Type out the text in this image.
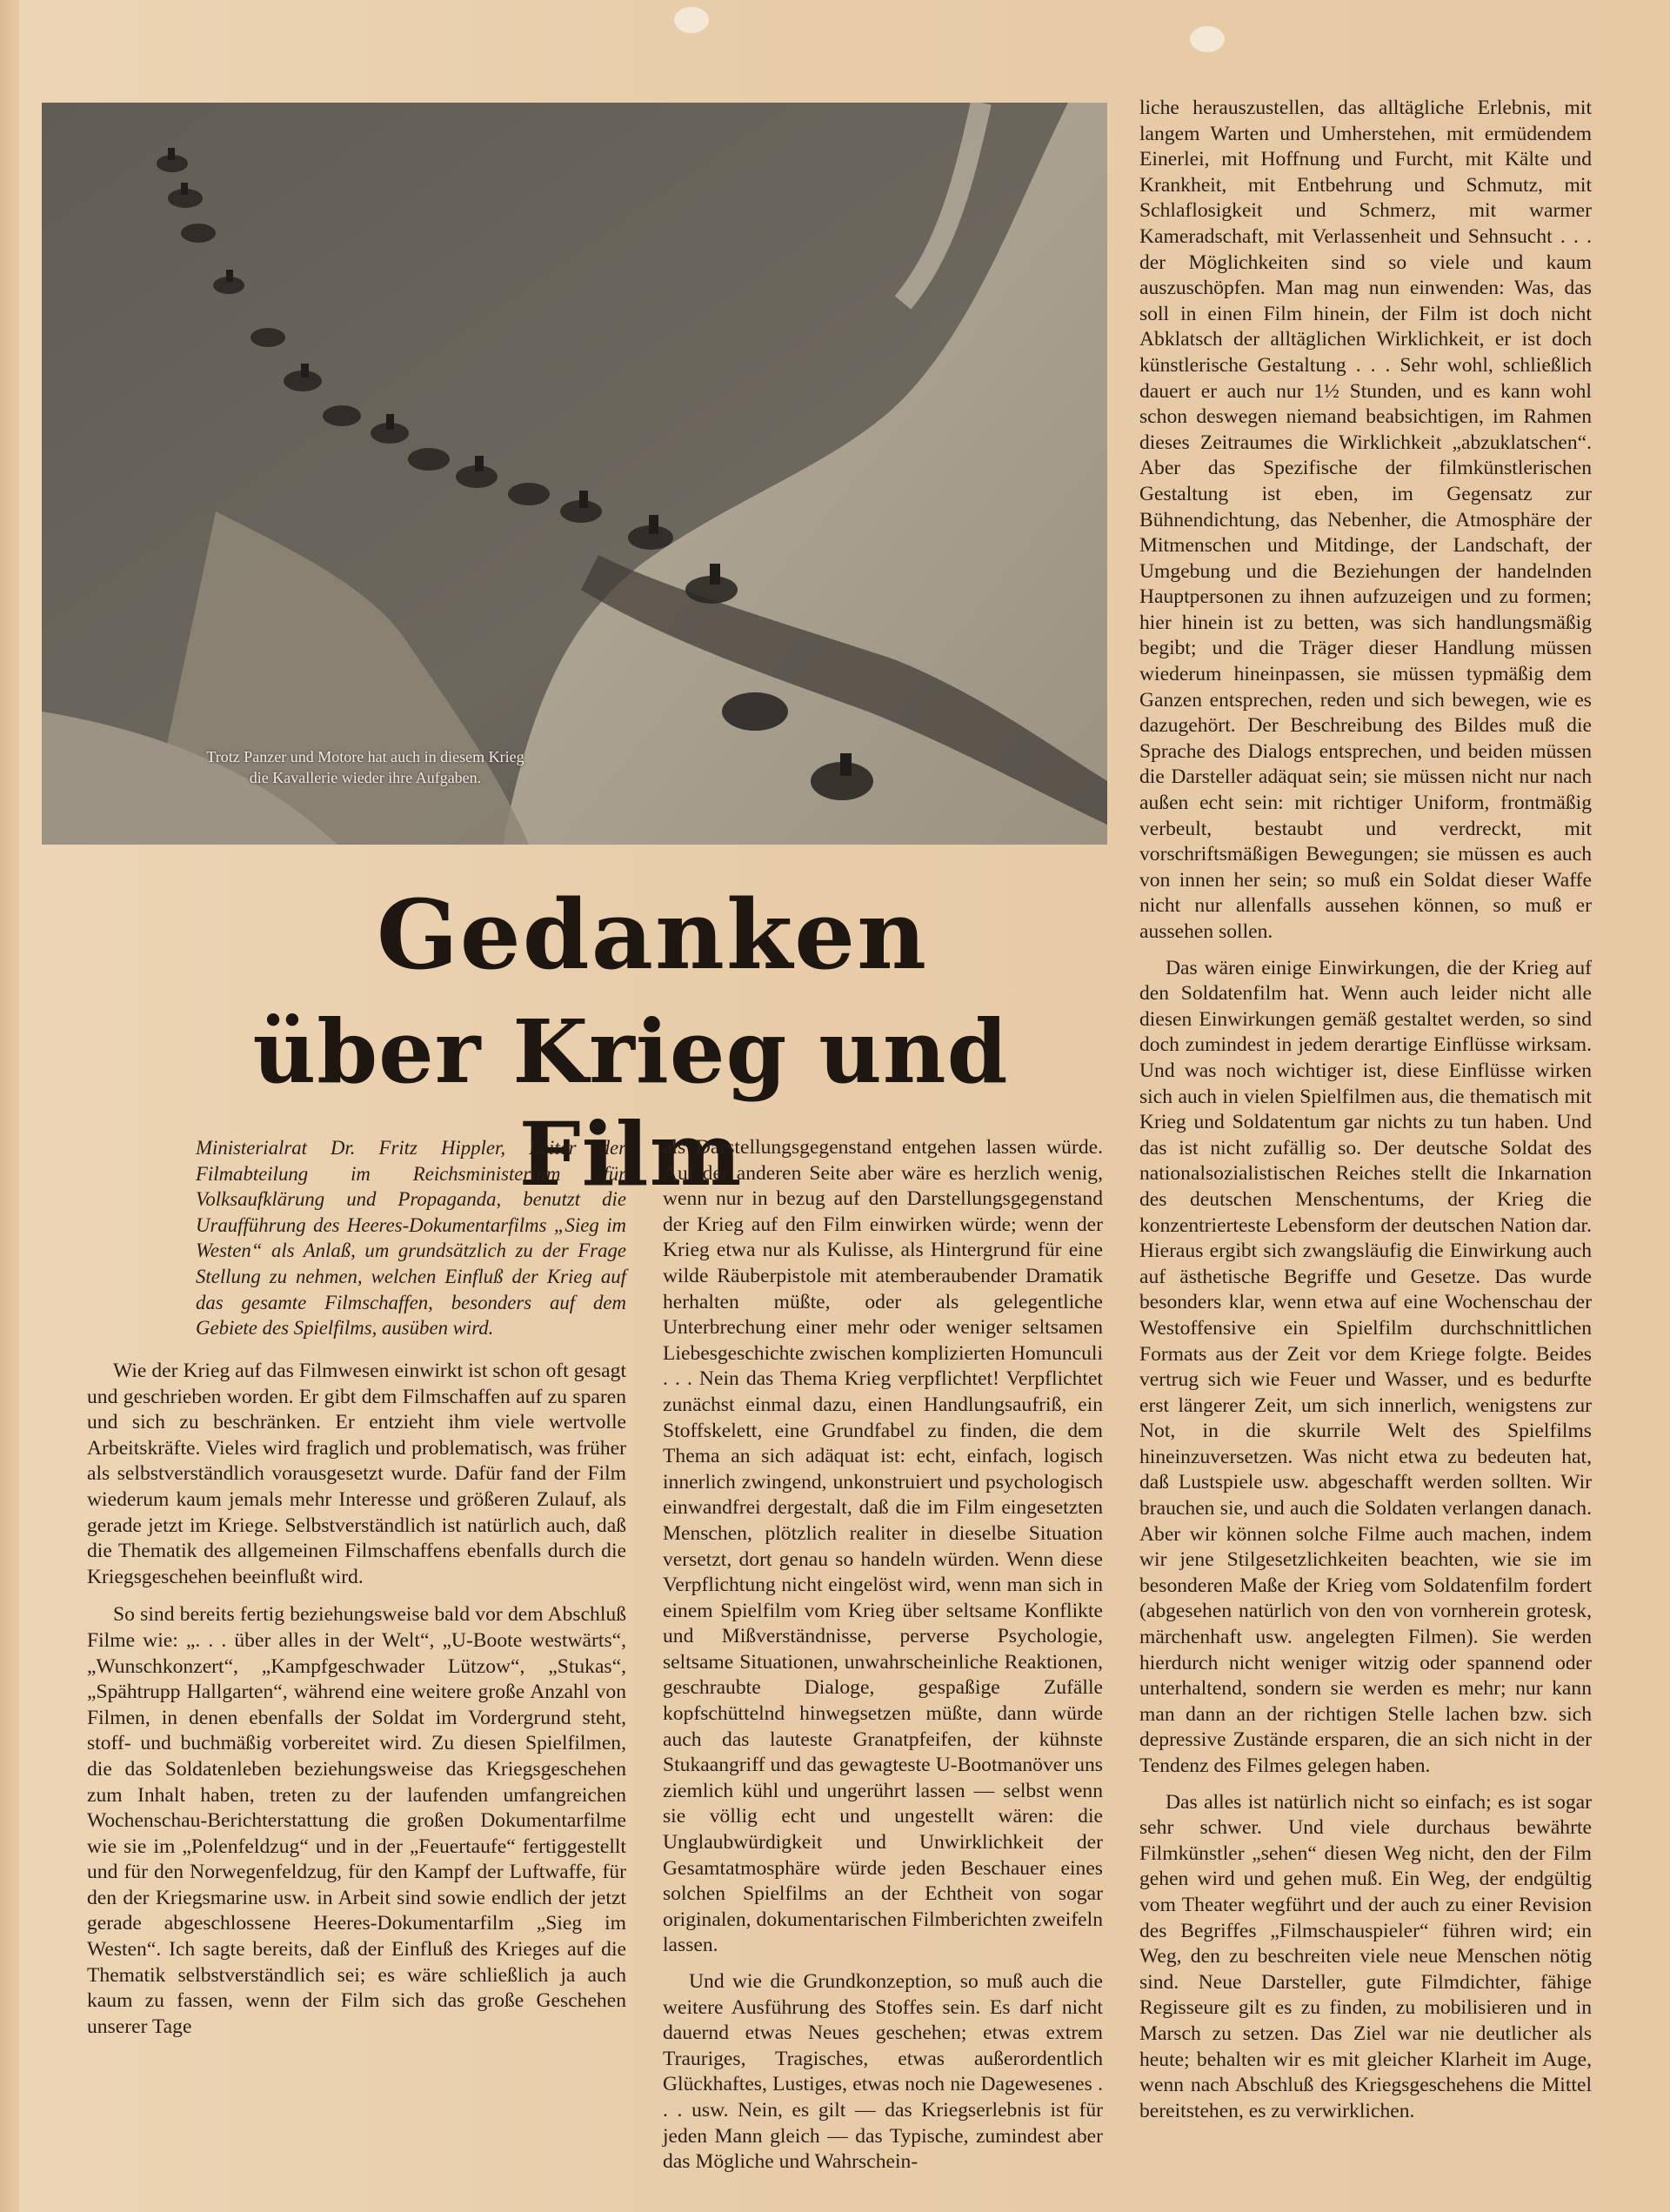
Trotz Panzer und Motore hat auch in diesem Krieg
die Kavallerie wieder ihre Aufgaben.
Gedanken
über Krieg und Film
Ministerialrat Dr. Fritz Hippler, Leiter der Filmabteilung im Reichsministerium für Volksaufklärung und Propaganda, benutzt die Uraufführung des Heeres-Dokumentarfilms „Sieg im Westen“ als Anlaß, um grundsätzlich zu der Frage Stellung zu nehmen, welchen Einfluß der Krieg auf das gesamte Filmschaffen, besonders auf dem Gebiete des Spielfilms, ausüben wird.

Wie der Krieg auf das Filmwesen einwirkt ist schon oft gesagt und geschrieben worden. Er gibt dem Filmschaffen auf zu sparen und sich zu beschränken. Er entzieht ihm viele wertvolle Arbeitskräfte. Vieles wird fraglich und problematisch, was früher als selbstverständlich vorausgesetzt wurde. Dafür fand der Film wiederum kaum jemals mehr Interesse und größeren Zulauf, als gerade jetzt im Kriege. Selbstverständlich ist natürlich auch, daß die Thematik des allgemeinen Filmschaffens ebenfalls durch die Kriegsgeschehen beeinflußt wird.

So sind bereits fertig beziehungsweise bald vor dem Abschluß Filme wie: „. . . über alles in der Welt“, „U-Boote westwärts“, „Wunschkonzert“, „Kampfgeschwader Lützow“, „Stukas“, „Spähtrupp Hallgarten“, während eine weitere große Anzahl von Filmen, in denen ebenfalls der Soldat im Vordergrund steht, stoff- und buchmäßig vorbereitet wird. Zu diesen Spielfilmen, die das Soldatenleben beziehungsweise das Kriegsgeschehen zum Inhalt haben, treten zu der laufenden umfangreichen Wochenschau-Berichterstattung die großen Dokumentarfilme wie sie im „Polenfeldzug“ und in der „Feuertaufe“ fertiggestellt und für den Norwegenfeldzug, für den Kampf der Luftwaffe, für den der Kriegsmarine usw. in Arbeit sind sowie endlich der jetzt gerade abgeschlossene Heeres-Dokumentarfilm „Sieg im Westen“. Ich sagte bereits, daß der Einfluß des Krieges auf die Thematik selbstverständlich sei; es wäre schließlich ja auch kaum zu fassen, wenn der Film sich das große Geschehen unserer Tage

als Darstellungsgegenstand entgehen lassen würde. Auf der anderen Seite aber wäre es herzlich wenig, wenn nur in bezug auf den Darstellungsgegenstand der Krieg auf den Film einwirken würde; wenn der Krieg etwa nur als Kulisse, als Hintergrund für eine wilde Räuberpistole mit atemberaubender Dramatik herhalten müßte, oder als gelegentliche Unterbrechung einer mehr oder weniger seltsamen Liebesgeschichte zwischen komplizierten Homunculi . . . Nein das Thema Krieg verpflichtet! Verpflichtet zunächst einmal dazu, einen Handlungsaufriß, ein Stoffskelett, eine Grundfabel zu finden, die dem Thema an sich adäquat ist: echt, einfach, logisch innerlich zwingend, unkonstruiert und psychologisch einwandfrei dergestalt, daß die im Film eingesetzten Menschen, plötzlich realiter in dieselbe Situation versetzt, dort genau so handeln würden. Wenn diese Verpflichtung nicht eingelöst wird, wenn man sich in einem Spielfilm vom Krieg über seltsame Konflikte und Mißverständnisse, perverse Psychologie, seltsame Situationen, unwahrscheinliche Reaktionen, geschraubte Dialoge, gespaßige Zufälle kopfschüttelnd hinwegsetzen müßte, dann würde auch das lauteste Granatpfeifen, der kühnste Stukaangriff und das gewagteste U-Bootmanöver uns ziemlich kühl und ungerührt lassen — selbst wenn sie völlig echt und ungestellt wären: die Unglaubwürdigkeit und Unwirklichkeit der Gesamtatmosphäre würde jeden Beschauer eines solchen Spielfilms an der Echtheit von sogar originalen, dokumentarischen Filmberichten zweifeln lassen.

Und wie die Grundkonzeption, so muß auch die weitere Ausführung des Stoffes sein. Es darf nicht dauernd etwas Neues geschehen; etwas extrem Trauriges, Tragisches, etwas außerordentlich Glückhaftes, Lustiges, etwas noch nie Dagewesenes . . . usw. Nein, es gilt — das Kriegserlebnis ist für jeden Mann gleich — das Typische, zumindest aber das Mögliche und Wahrschein-

liche herauszustellen, das alltägliche Erlebnis, mit langem Warten und Umherstehen, mit ermüdendem Einerlei, mit Hoffnung und Furcht, mit Kälte und Krankheit, mit Entbehrung und Schmutz, mit Schlaflosigkeit und Schmerz, mit warmer Kameradschaft, mit Verlassenheit und Sehnsucht . . . der Möglichkeiten sind so viele und kaum auszuschöpfen. Man mag nun einwenden: Was, das soll in einen Film hinein, der Film ist doch nicht Abklatsch der alltäglichen Wirklichkeit, er ist doch künstlerische Gestaltung . . . Sehr wohl, schließlich dauert er auch nur 1½ Stunden, und es kann wohl schon deswegen niemand beabsichtigen, im Rahmen dieses Zeitraumes die Wirklichkeit „abzuklatschen“. Aber das Spezifische der filmkünstlerischen Gestaltung ist eben, im Gegensatz zur Bühnendichtung, das Nebenher, die Atmosphäre der Mitmenschen und Mitdinge, der Landschaft, der Umgebung und die Beziehungen der handelnden Hauptpersonen zu ihnen aufzuzeigen und zu formen; hier hinein ist zu betten, was sich handlungsmäßig begibt; und die Träger dieser Handlung müssen wiederum hineinpassen, sie müssen typmäßig dem Ganzen entsprechen, reden und sich bewegen, wie es dazugehört. Der Beschreibung des Bildes muß die Sprache des Dialogs entsprechen, und beiden müssen die Darsteller adäquat sein; sie müssen nicht nur nach außen echt sein: mit richtiger Uniform, frontmäßig verbeult, bestaubt und verdreckt, mit vorschriftsmäßigen Bewegungen; sie müssen es auch von innen her sein; so muß ein Soldat dieser Waffe nicht nur allenfalls aussehen können, so muß er aussehen sollen.

Das wären einige Einwirkungen, die der Krieg auf den Soldatenfilm hat. Wenn auch leider nicht alle diesen Einwirkungen gemäß gestaltet werden, so sind doch zumindest in jedem derartige Einflüsse wirksam. Und was noch wichtiger ist, diese Einflüsse wirken sich auch in vielen Spielfilmen aus, die thematisch mit Krieg und Soldatentum gar nichts zu tun haben. Und das ist nicht zufällig so. Der deutsche Soldat des nationalsozialistischen Reiches stellt die Inkarnation des deutschen Menschentums, der Krieg die konzentrierteste Lebensform der deutschen Nation dar. Hieraus ergibt sich zwangsläufig die Einwirkung auch auf ästhetische Begriffe und Gesetze. Das wurde besonders klar, wenn etwa auf eine Wochenschau der Westoffensive ein Spielfilm durchschnittlichen Formats aus der Zeit vor dem Kriege folgte. Beides vertrug sich wie Feuer und Wasser, und es bedurfte erst längerer Zeit, um sich innerlich, wenigstens zur Not, in die skurrile Welt des Spielfilms hineinzuversetzen. Was nicht etwa zu bedeuten hat, daß Lustspiele usw. abgeschafft werden sollten. Wir brauchen sie, und auch die Soldaten verlangen danach. Aber wir können solche Filme auch machen, indem wir jene Stilgesetzlichkeiten beachten, wie sie im besonderen Maße der Krieg vom Soldatenfilm fordert (abgesehen natürlich von den von vornherein grotesk, märchenhaft usw. angelegten Filmen). Sie werden hierdurch nicht weniger witzig oder spannend oder unterhaltend, sondern sie werden es mehr; nur kann man dann an der richtigen Stelle lachen bzw. sich depressive Zustände ersparen, die an sich nicht in der Tendenz des Filmes gelegen haben.

Das alles ist natürlich nicht so einfach; es ist sogar sehr schwer. Und viele durchaus bewährte Filmkünstler „sehen“ diesen Weg nicht, den der Film gehen wird und gehen muß. Ein Weg, der endgültig vom Theater wegführt und der auch zu einer Revision des Begriffes „Filmschauspieler“ führen wird; ein Weg, den zu beschreiten viele neue Menschen nötig sind. Neue Darsteller, gute Filmdichter, fähige Regisseure gilt es zu finden, zu mobilisieren und in Marsch zu setzen. Das Ziel war nie deutlicher als heute; behalten wir es mit gleicher Klarheit im Auge, wenn nach Abschluß des Kriegsgeschehens die Mittel bereitstehen, es zu verwirklichen.
